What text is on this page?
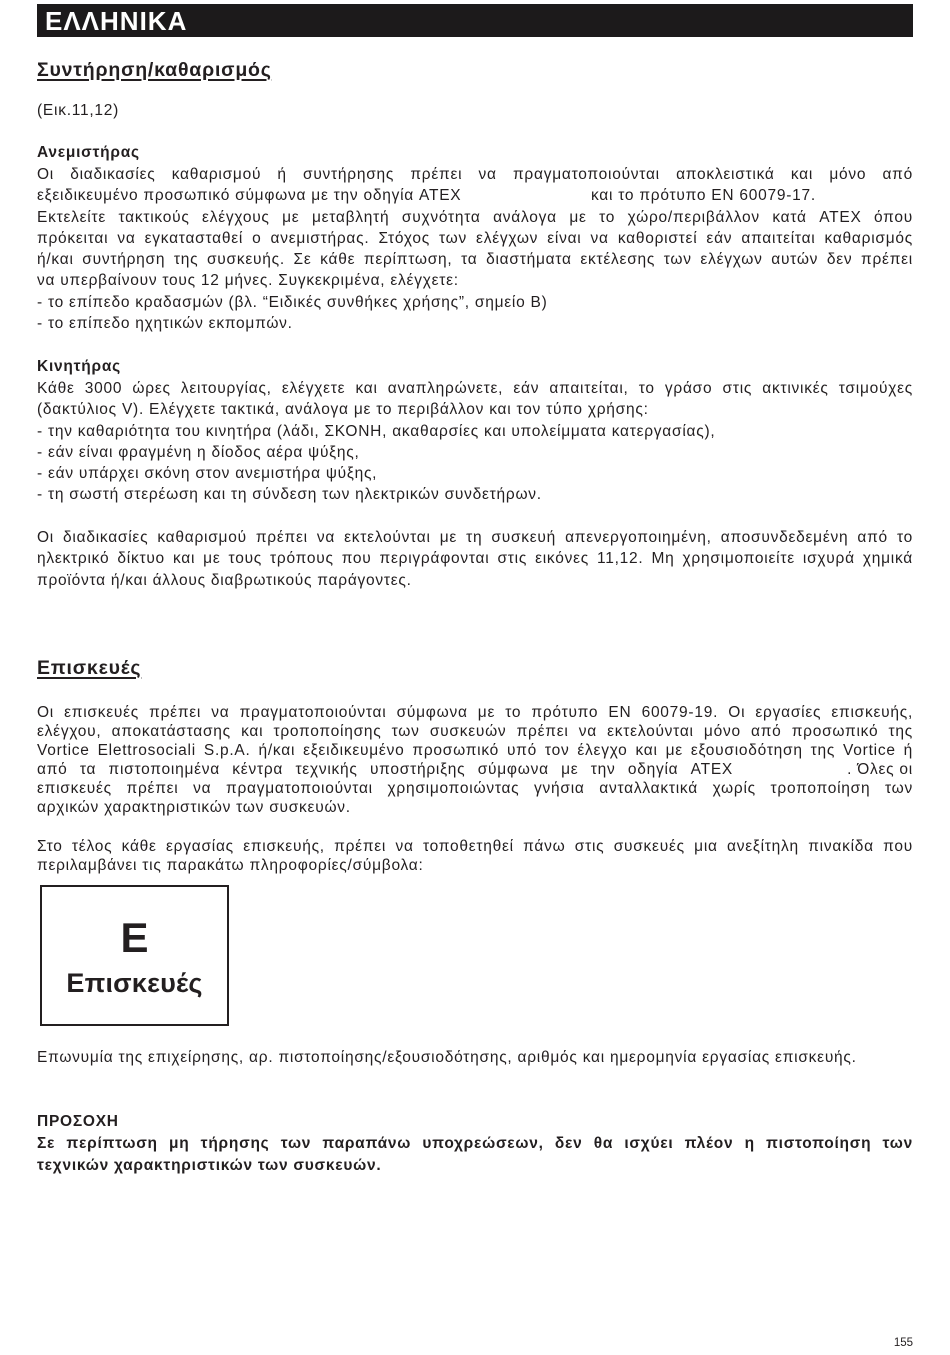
ΕΛΛΗΝΙΚΑ
Συντήρηση/καθαρισμός
(Εικ.11,12)
Ανεμιστήρας
Οι διαδικασίες καθαρισμού ή συντήρησης πρέπει να πραγματοποιούνται αποκλειστικά και μόνο από
εξειδικευμένο προσωπικό σύμφωνα με την οδηγία ATEX	και το πρότυπο EN 60079-17.
Εκτελείτε τακτικούς ελέγχους με μεταβλητή συχνότητα ανάλογα με το χώρο/περιβάλλον κατά ATEX όπου
πρόκειται να εγκατασταθεί ο ανεμιστήρας. Στόχος των ελέγχων είναι να καθοριστεί εάν απαιτείται καθαρισμός
ή/και συντήρηση της συσκευής. Σε κάθε περίπτωση, τα διαστήματα εκτέλεσης των ελέγχων αυτών δεν πρέπει
να υπερβαίνουν τους 12 μήνες. Συγκεκριμένα, ελέγχετε:
- το επίπεδο κραδασμών (βλ. “Ειδικές συνθήκες χρήσης”, σημείο B)
- το επίπεδο ηχητικών εκπομπών.
Κινητήρας
Κάθε 3000 ώρες λειτουργίας, ελέγχετε και αναπληρώνετε, εάν απαιτείται, το γράσο στις ακτινικές τσιμούχες
(δακτύλιος V). Ελέγχετε τακτικά, ανάλογα με το περιβάλλον και τον τύπο χρήσης:
- την καθαριότητα του κινητήρα (λάδι, ΣΚΟΝΗ, ακαθαρσίες και υπολείμματα κατεργασίας),
- εάν είναι φραγμένη η δίοδος αέρα ψύξης,
- εάν υπάρχει σκόνη στον ανεμιστήρα ψύξης,
- τη σωστή στερέωση και τη σύνδεση των ηλεκτρικών συνδετήρων.
Οι διαδικασίες καθαρισμού πρέπει να εκτελούνται με τη συσκευή απενεργοποιημένη, αποσυνδεδεμένη από το
ηλεκτρικό δίκτυο και με τους τρόπους που περιγράφονται στις εικόνες 11,12. Μη χρησιμοποιείτε ισχυρά χημικά
προϊόντα ή/και άλλους διαβρωτικούς παράγοντες.
Επισκευές
Οι επισκευές πρέπει να πραγματοποιούνται σύμφωνα με το πρότυπο EN 60079-19. Οι εργασίες επισκευής,
ελέγχου, αποκατάστασης και τροποποίησης των συσκευών πρέπει να εκτελούνται μόνο από προσωπικό της
Vortice Elettrosociali S.p.A. ή/και εξειδικευμένο προσωπικό υπό τον έλεγχο και με εξουσιοδότηση της Vortice ή
από τα πιστοποιημένα κέντρα τεχνικής υποστήριξης σύμφωνα με την οδηγία ATEX	. Όλες οι
επισκευές πρέπει να πραγματοποιούνται χρησιμοποιώντας γνήσια ανταλλακτικά χωρίς τροποποίηση των
αρχικών χαρακτηριστικών των συσκευών.
Στο τέλος κάθε εργασίας επισκευής, πρέπει να τοποθετηθεί πάνω στις συσκευές μια ανεξίτηλη πινακίδα που
περιλαμβάνει τις παρακάτω πληροφορίες/σύμβολα:
E
Επισκευές
Επωνυμία της επιχείρησης, αρ. πιστοποίησης/εξουσιοδότησης, αριθμός και ημερομηνία εργασίας επισκευής.
ΠΡΟΣΟΧΗ
Σε περίπτωση μη τήρησης των παραπάνω υποχρεώσεων, δεν θα ισχύει πλέον η πιστοποίηση των
τεχνικών χαρακτηριστικών των συσκευών.
155
